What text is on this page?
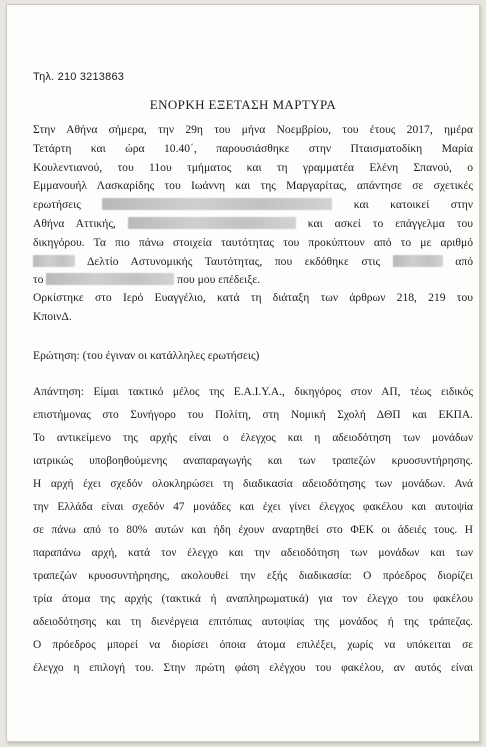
Τηλ. 210 3213863
ΕΝΟΡΚΗ ΕΞΕΤΑΣΗ ΜΑΡΤΥΡΑ
Στην Αθήνα σήμερα, την 29η του μήνα Νοεμβρίου, του έτους 2017, ημέρα
Τετάρτη και ώρα 10.40΄, παρουσιάσθηκε στην Πταισματοδίκη Μαρία
Κουλεντιανού, του 11ου τμήματος και τη γραμματέα Ελένη Σπανού, ο
Εμμανουήλ Λασκαρίδης του Ιωάννη και της Μαργαρίτας, απάντησε σε σχετικές
ερωτήσεις	και κατοικεί στην
Αθήνα Αττικής,	και ασκεί το επάγγελμα του
δικηγόρου. Τα πιο πάνω στοιχεία ταυτότητας του προκύπτουν από το με αριθμό
Δελτίο Αστυνομικής Ταυτότητας, που εκδόθηκε στις	από
το	που μου επέδειξε.
Ορκίστηκε στο Ιερό Ευαγγέλιο, κατά τη διάταξη των άρθρων 218, 219 του
ΚποινΔ.
Ερώτηση: (του έγιναν οι κατάλληλες ερωτήσεις)
Απάντηση: Είμαι τακτικό μέλος της Ε.Α.Ι.Υ.Α., δικηγόρος στον ΑΠ, τέως ειδικός
επιστήμονας στο Συνήγορο του Πολίτη, στη Νομική Σχολή ΔΘΠ και ΕΚΠΑ.
Το αντικείμενο της αρχής είναι ο έλεγχος και η αδειοδότηση των μονάδων
ιατρικώς υποβοηθούμενης αναπαραγωγής και των τραπεζών κρυοσυντήρησης.
Η αρχή έχει σχεδόν ολοκληρώσει τη διαδικασία αδειοδότησης των μονάδων. Ανά
την Ελλάδα είναι σχεδόν 47 μονάδες και έχει γίνει έλεγχος φακέλου και αυτοψία
σε πάνω από το 80% αυτών και ήδη έχουν αναρτηθεί στο ΦΕΚ οι άδειές τους. Η
παραπάνω αρχή, κατά τον έλεγχο και την αδειοδότηση των μονάδων και των
τραπεζών κρυοσυντήρησης, ακολουθεί την εξής διαδικασία: Ο πρόεδρος διορίζει
τρία άτομα της αρχής (τακτικά ή αναπληρωματικά) για τον έλεγχο του φακέλου
αδειοδότησης και τη διενέργεια επιτόπιας αυτοψίας της μονάδος ή της τράπεζας.
Ο πρόεδρος μπορεί να διορίσει όποια άτομα επιλέξει, χωρίς να υπόκειται σε
έλεγχο η επιλογή του. Στην πρώτη φάση ελέγχου του φακέλου, αν αυτός είναι
